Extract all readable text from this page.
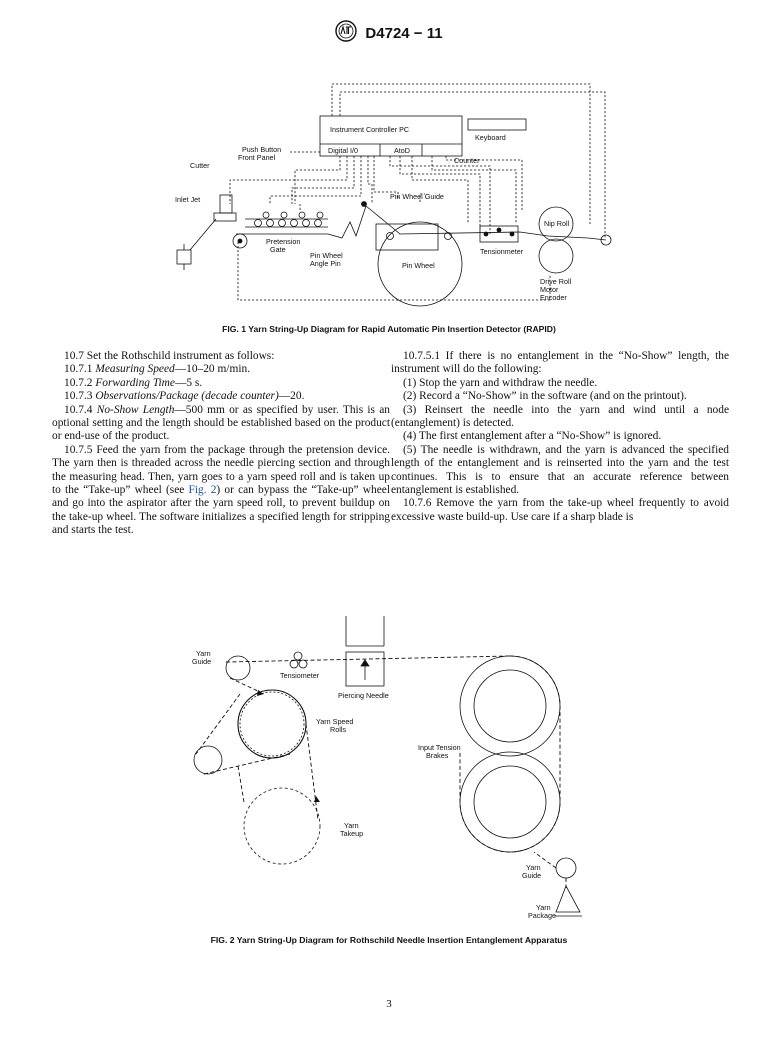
D4724 − 11
Instrument Controller PC
Keyboard
Digital I/0	AtoD
Counter
Push Button
Front Panel
Cutter
Inlet Jet
Pretension
Gate
Pin Wheel Guide
Pin Wheel
Angle Pin	Pin Wheel
Tensionmeter
Nip Roll
Drive Roll
Motor
Encoder
FIG. 1 Yarn String-Up Diagram for Rapid Automatic Pin Insertion Detector (RAPID)

10.7 Set the Rothschild instrument as follows:

10.7.1 Measuring Speed—10–20 m/min.

10.7.2 Forwarding Time—5 s.

10.7.3 Observations/Package (decade counter)—20.

10.7.4 No-Show Length—500 mm or as specified by user. This is an optional setting and the length should be established based on the product or end-use of the product.

10.7.5 Feed the yarn from the package through the pretension device. The yarn then is threaded across the needle piercing section and through the measuring head. Then, yarn goes to a yarn speed roll and is taken up to the “Take-up” wheel (see Fig. 2) or can bypass the “Take-up” wheel and go into the aspirator after the yarn speed roll, to prevent buildup on the take-up wheel. The software initializes a specified length for stripping and starts the test.

10.7.5.1 If there is no entanglement in the “No-Show” length, the instrument will do the following:

(1) Stop the yarn and withdraw the needle.

(2) Record a “No-Show” in the software (and on the printout).

(3) Reinsert the needle into the yarn and wind until a node (entanglement) is detected.

(4) The first entanglement after a “No-Show” is ignored.

(5) The needle is withdrawn, and the yarn is advanced the specified length of the entanglement and is reinserted into the yarn and the test continues. This is to ensure that an accurate reference between entanglement is established.

10.7.6 Remove the yarn from the take-up wheel frequently to avoid excessive waste build-up. Use care if a sharp blade is

Yarn
Guide
Tensiometer
Piercing Needle
Yarn Speed
Rolls
Input Tension
Brakes
Yarn
Takeup
Yarn
Guide
Yarn
Package
FIG. 2 Yarn String-Up Diagram for Rothschild Needle Insertion Entanglement Apparatus
3
